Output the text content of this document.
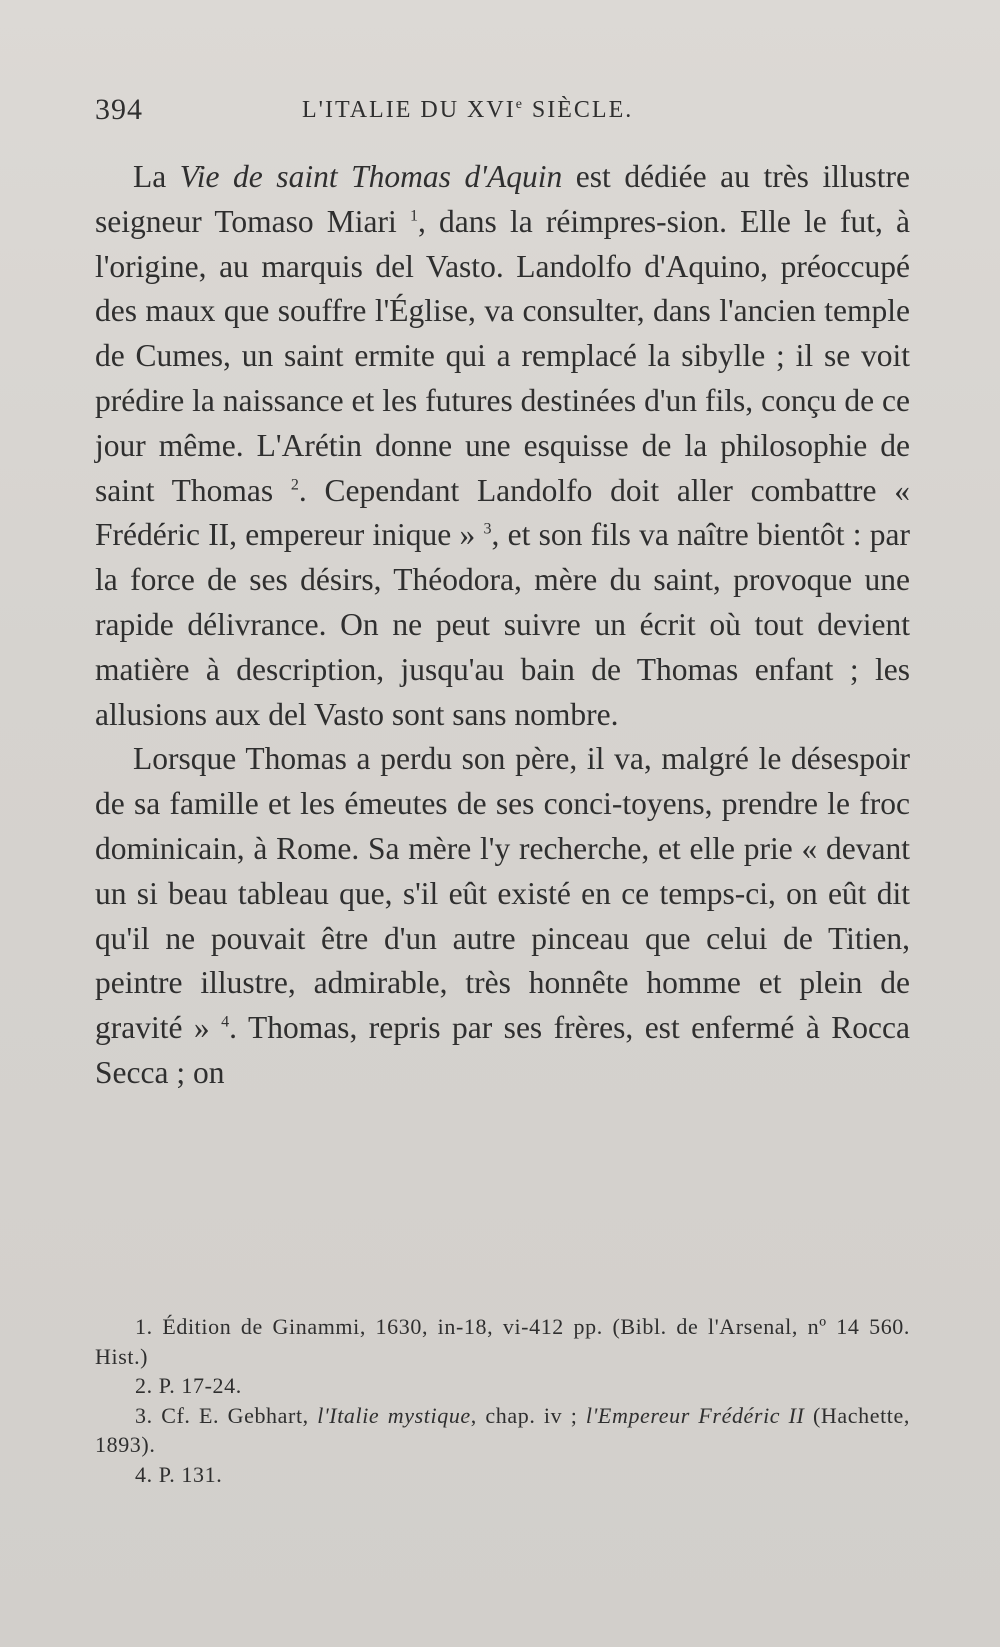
394	L'ITALIE DU XVIe SIÈCLE.

La Vie de saint Thomas d'Aquin est dédiée au très illustre seigneur Tomaso Miari $^1$, dans la réimpres-sion. Elle le fut, à l'origine, au marquis del Vasto. Landolfo d'Aquino, préoccupé des maux que souffre l'Église, va consulter, dans l'ancien temple de Cumes, un saint ermite qui a remplacé la sibylle ; il se voit prédire la naissance et les futures destinées d'un fils, conçu de ce jour même. L'Arétin donne une esquisse de la philosophie de saint Thomas $^2$. Cependant Landolfo doit aller combattre « Frédéric II, empereur inique » $^3$, et son fils va naître bientôt : par la force de ses désirs, Théodora, mère du saint, provoque une rapide délivrance. On ne peut suivre un écrit où tout devient matière à description, jusqu'au bain de Thomas enfant ; les allusions aux del Vasto sont sans nombre.

Lorsque Thomas a perdu son père, il va, malgré le désespoir de sa famille et les émeutes de ses conci-toyens, prendre le froc dominicain, à Rome. Sa mère l'y recherche, et elle prie « devant un si beau tableau que, s'il eût existé en ce temps-ci, on eût dit qu'il ne pouvait être d'un autre pinceau que celui de Titien, peintre illustre, admirable, très honnête homme et plein de gravité » $^4$. Thomas, repris par ses frères, est enfermé à Rocca Secca ; on

1. Édition de Ginammi, 1630, in-18, vi-412 pp. (Bibl. de l'Arsenal, nº 14 560. Hist.)

2. P. 17-24.

3. Cf. E. Gebhart, l'Italie mystique, chap. iv ; l'Empereur Frédéric II (Hachette, 1893).

4. P. 131.
